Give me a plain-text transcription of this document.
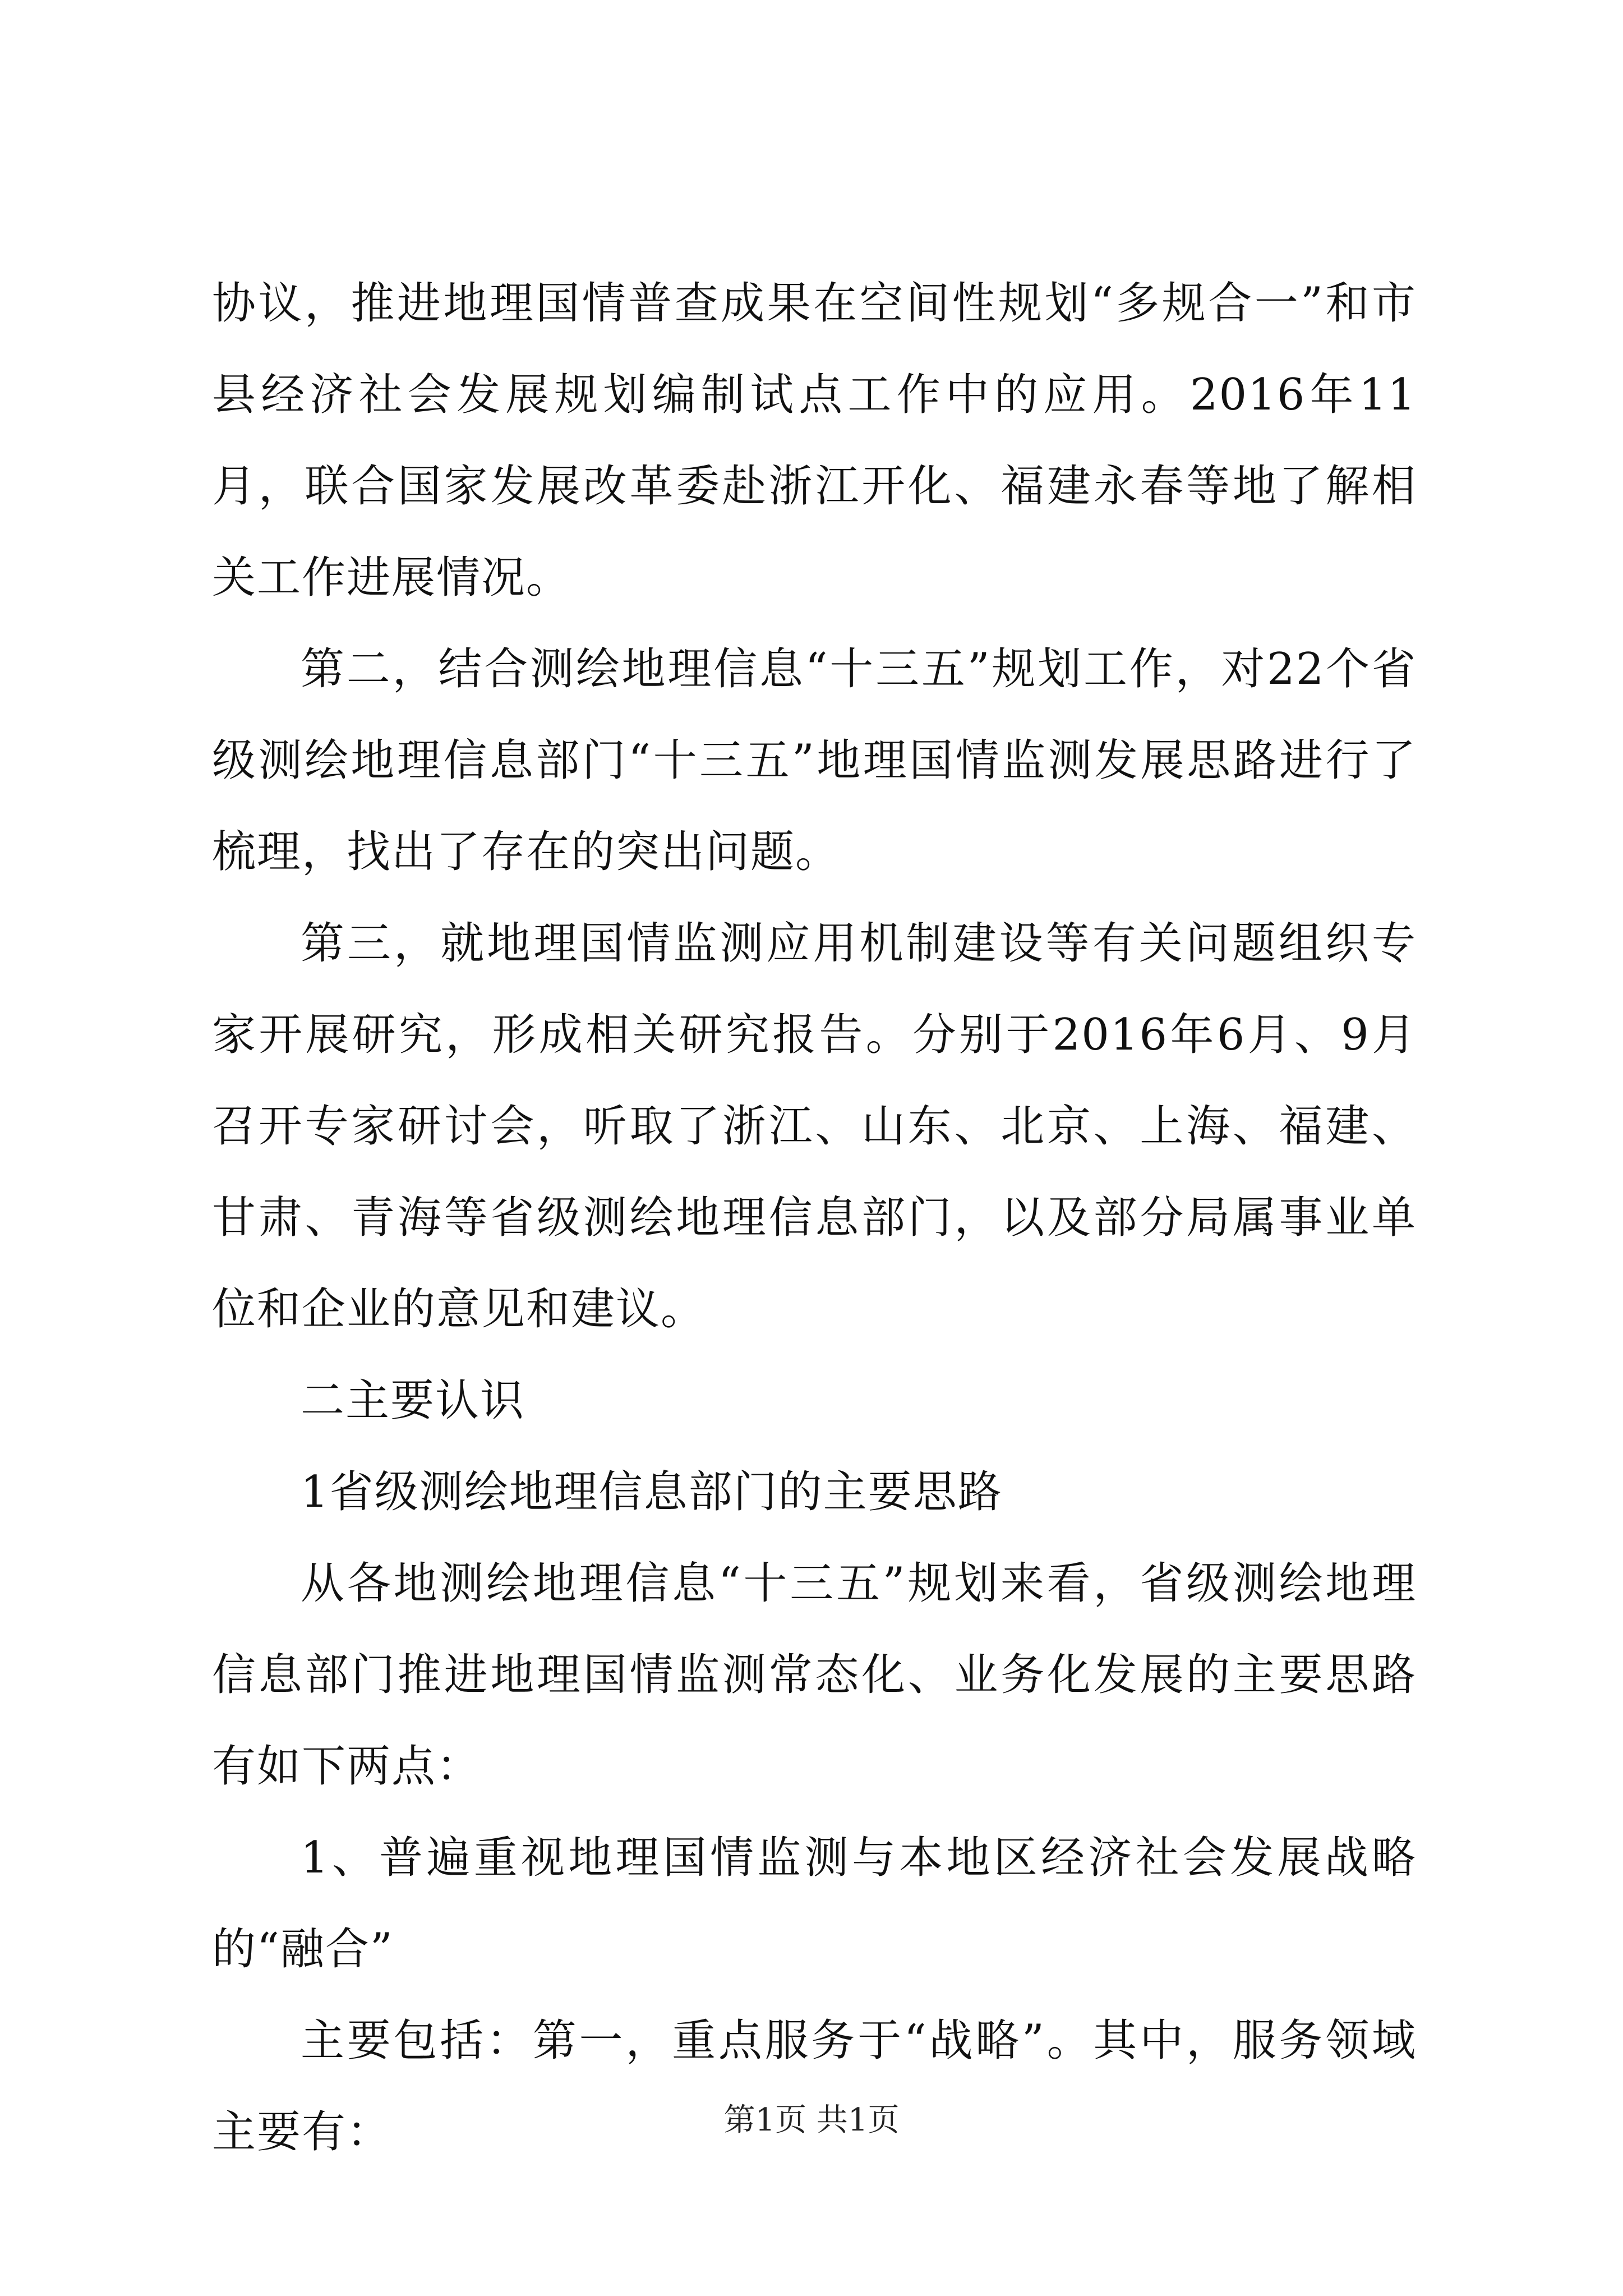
协议，推进地理国情普查成果在空间性规划“多规合一”和市县经济社会发展规划编制试点工作中的应用。2016年11月，联合国家发展改革委赴浙江开化、福建永春等地了解相关工作进展情况。

第二，结合测绘地理信息“十三五”规划工作，对22个省级测绘地理信息部门“十三五”地理国情监测发展思路进行了梳理，找出了存在的突出问题。

第三，就地理国情监测应用机制建设等有关问题组织专家开展研究，形成相关研究报告。分别于2016年6月、9月召开专家研讨会，听取了浙江、山东、北京、上海、福建、甘肃、青海等省级测绘地理信息部门，以及部分局属事业单位和企业的意见和建议。

二主要认识

1省级测绘地理信息部门的主要思路

从各地测绘地理信息“十三五”规划来看，省级测绘地理信息部门推进地理国情监测常态化、业务化发展的主要思路有如下两点：

1、普遍重视地理国情监测与本地区经济社会发展战略的“融合”

主要包括：第一，重点服务于“战略”。其中，服务领域主要有：	第1页 共1页
